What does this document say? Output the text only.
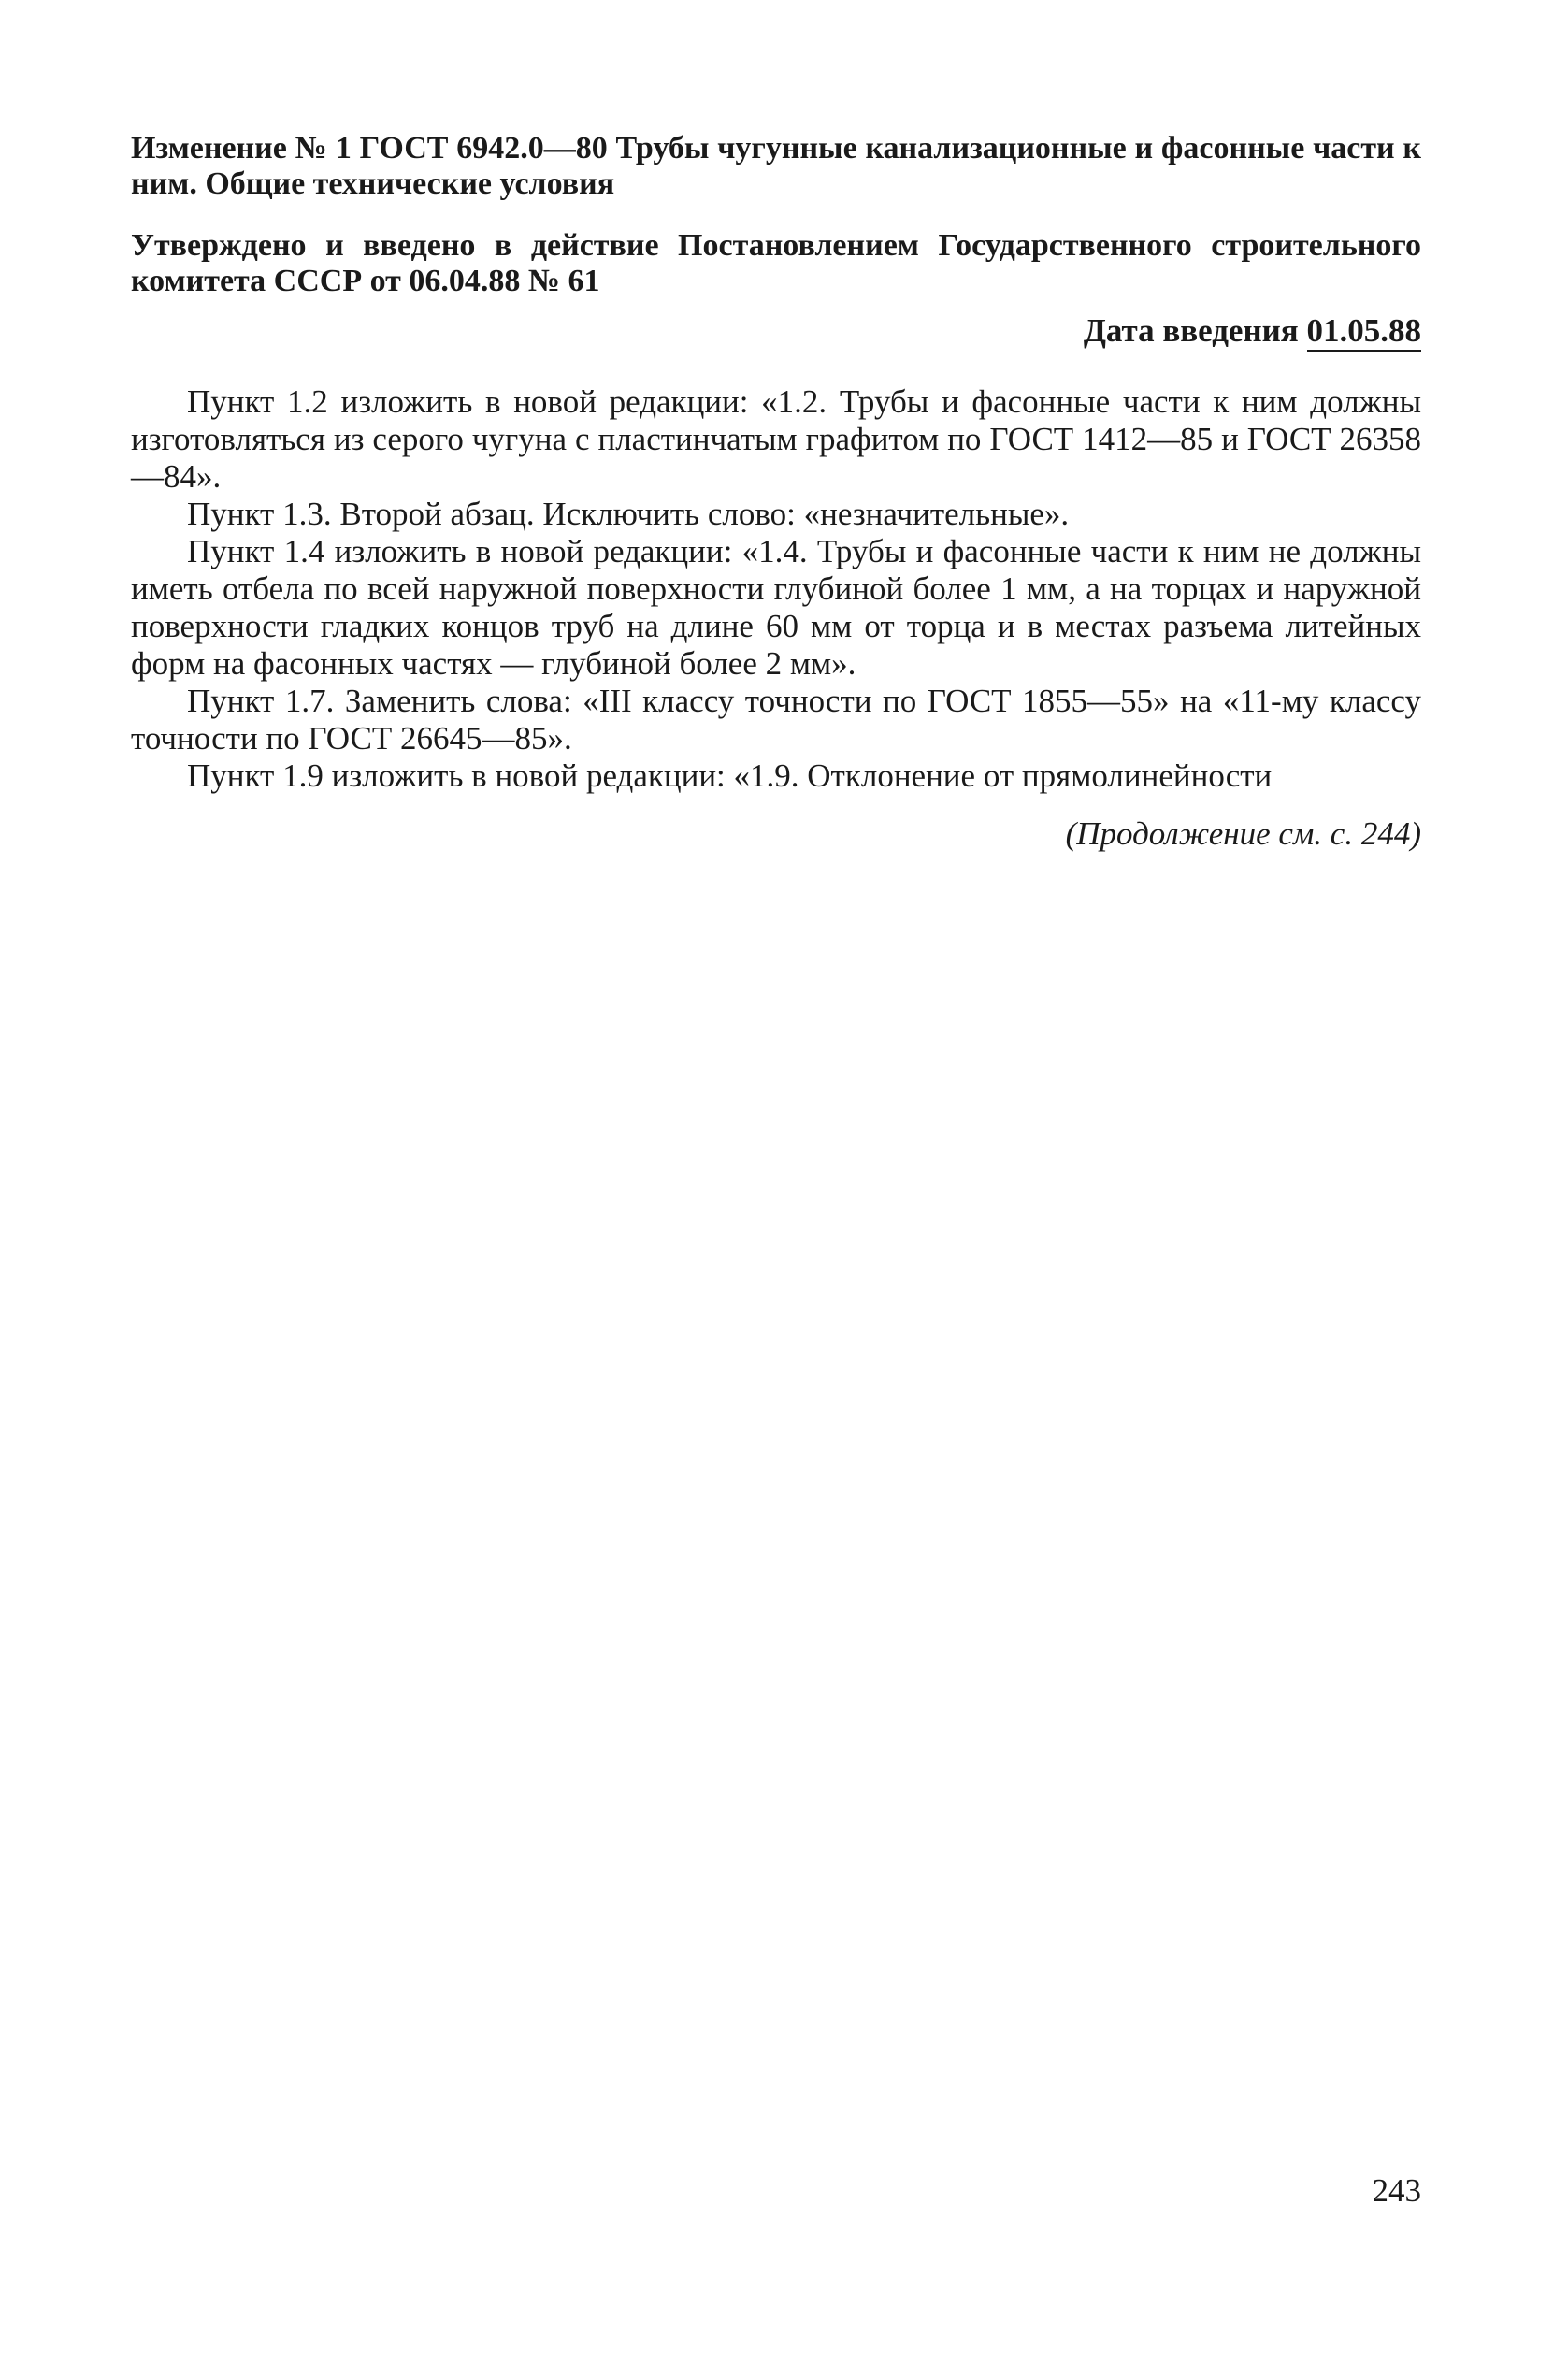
Изменение № 1 ГОСТ 6942.0—80 Трубы чугунные канализационные и фасонные части к ним. Общие технические условия

Утверждено и введено в действие Постановлением Государственного строительного комитета СССР от 06.04.88 № 61

Дата введения 01.05.88

Пункт 1.2 изложить в новой редакции: «1.2. Трубы и фасонные части к ним должны изготовляться из серого чугуна с пластинчатым графитом по ГОСТ 1412—85 и ГОСТ 26358—84».

Пункт 1.3. Второй абзац. Исключить слово: «незначительные».

Пункт 1.4 изложить в новой редакции: «1.4. Трубы и фасонные части к ним не должны иметь отбела по всей наружной поверхности глубиной более 1 мм, а на торцах и наружной поверхности гладких концов труб на длине 60 мм от торца и в местах разъема литейных форм на фасонных частях — глубиной более 2 мм».

Пункт 1.7. Заменить слова: «III классу точности по ГОСТ 1855—55» на «11-му классу точности по ГОСТ 26645—85».

Пункт 1.9 изложить в новой редакции: «1.9. Отклонение от прямолинейности

(Продолжение см. с. 244)
243
